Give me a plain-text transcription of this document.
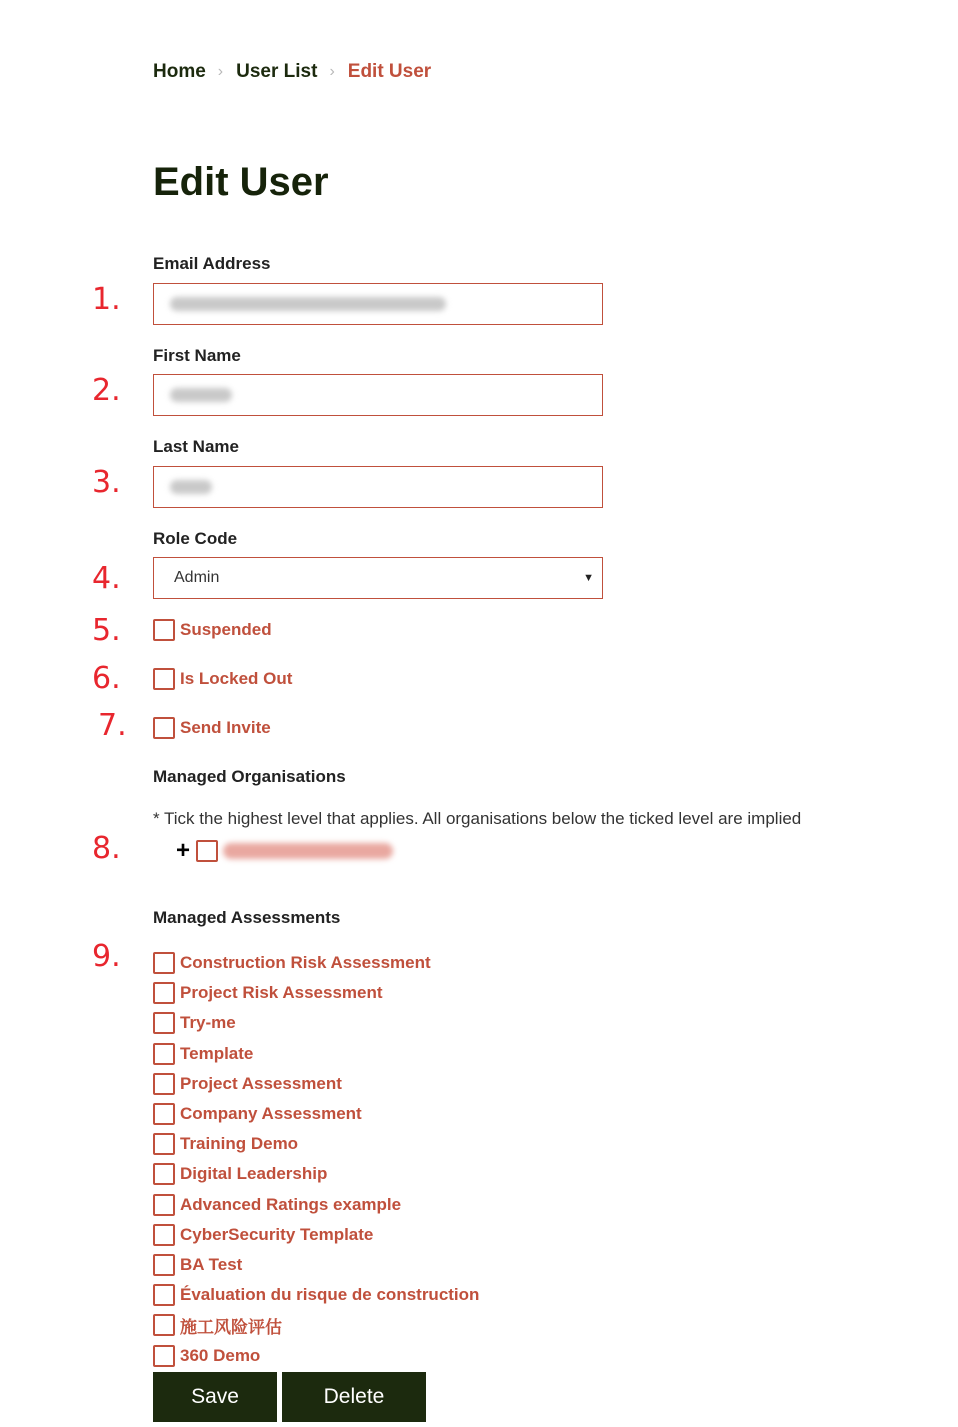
Home › User List › Edit User
Edit User
1.
2.
3.
4.
5.
6.
7.
8.
9.
Email Address
First Name
Last Name
Role Code
Admin	▼
Suspended
Is Locked Out
Send Invite
Managed Organisations
* Tick the highest level that applies. All organisations below the ticked level are implied
+
Managed Assessments
Construction Risk Assessment
Project Risk Assessment
Try-me
Template
Project Assessment
Company Assessment
Training Demo
Digital Leadership
Advanced Ratings example
CyberSecurity Template
BA Test
Évaluation du risque de construction
施工风险评估
360 Demo
Save	Delete
